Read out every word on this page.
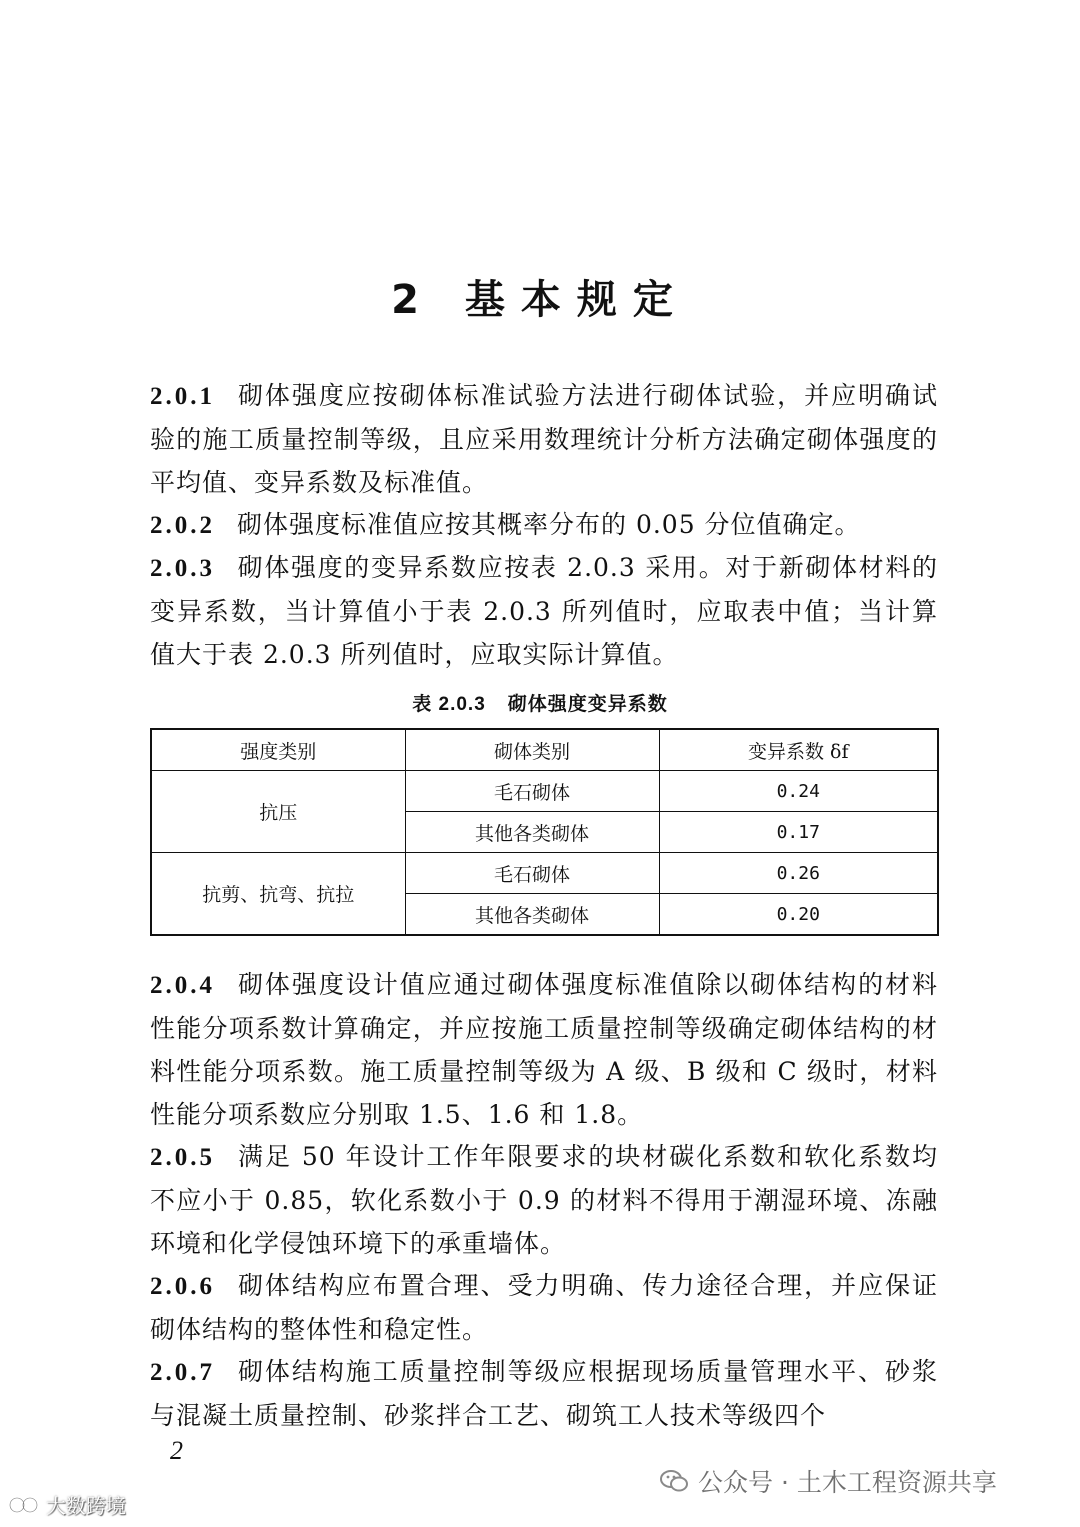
2 基本规定

2.0.1 砌体强度应按砌体标准试验方法进行砌体试验，并应明确试验的施工质量控制等级，且应采用数理统计分析方法确定砌体强度的平均值、变异系数及标准值。

2.0.2 砌体强度标准值应按其概率分布的 0.05 分位值确定。

2.0.3 砌体强度的变异系数应按表 2.0.3 采用。对于新砌体材料的变异系数，当计算值小于表 2.0.3 所列值时，应取表中值；当计算值大于表 2.0.3 所列值时，应取实际计算值。

表 2.0.3 砌体强度变异系数
强度类别	砌体类别	变异系数 δf
抗压	毛石砌体	0.24
	其他各类砌体	0.17
抗剪、抗弯、抗拉	毛石砌体	0.26
	其他各类砌体	0.20

2.0.4 砌体强度设计值应通过砌体强度标准值除以砌体结构的材料性能分项系数计算确定，并应按施工质量控制等级确定砌体结构的材料性能分项系数。施工质量控制等级为 A 级、B 级和 C 级时，材料性能分项系数应分别取 1.5、1.6 和 1.8。

2.0.5 满足 50 年设计工作年限要求的块材碳化系数和软化系数均不应小于 0.85，软化系数小于 0.9 的材料不得用于潮湿环境、冻融环境和化学侵蚀环境下的承重墙体。

2.0.6 砌体结构应布置合理、受力明确、传力途径合理，并应保证砌体结构的整体性和稳定性。

2.0.7 砌体结构施工质量控制等级应根据现场质量管理水平、砂浆与混凝土质量控制、砂浆拌合工艺、砌筑工人技术等级四个

2
公众号 · 土木工程资源共享
大数跨境
